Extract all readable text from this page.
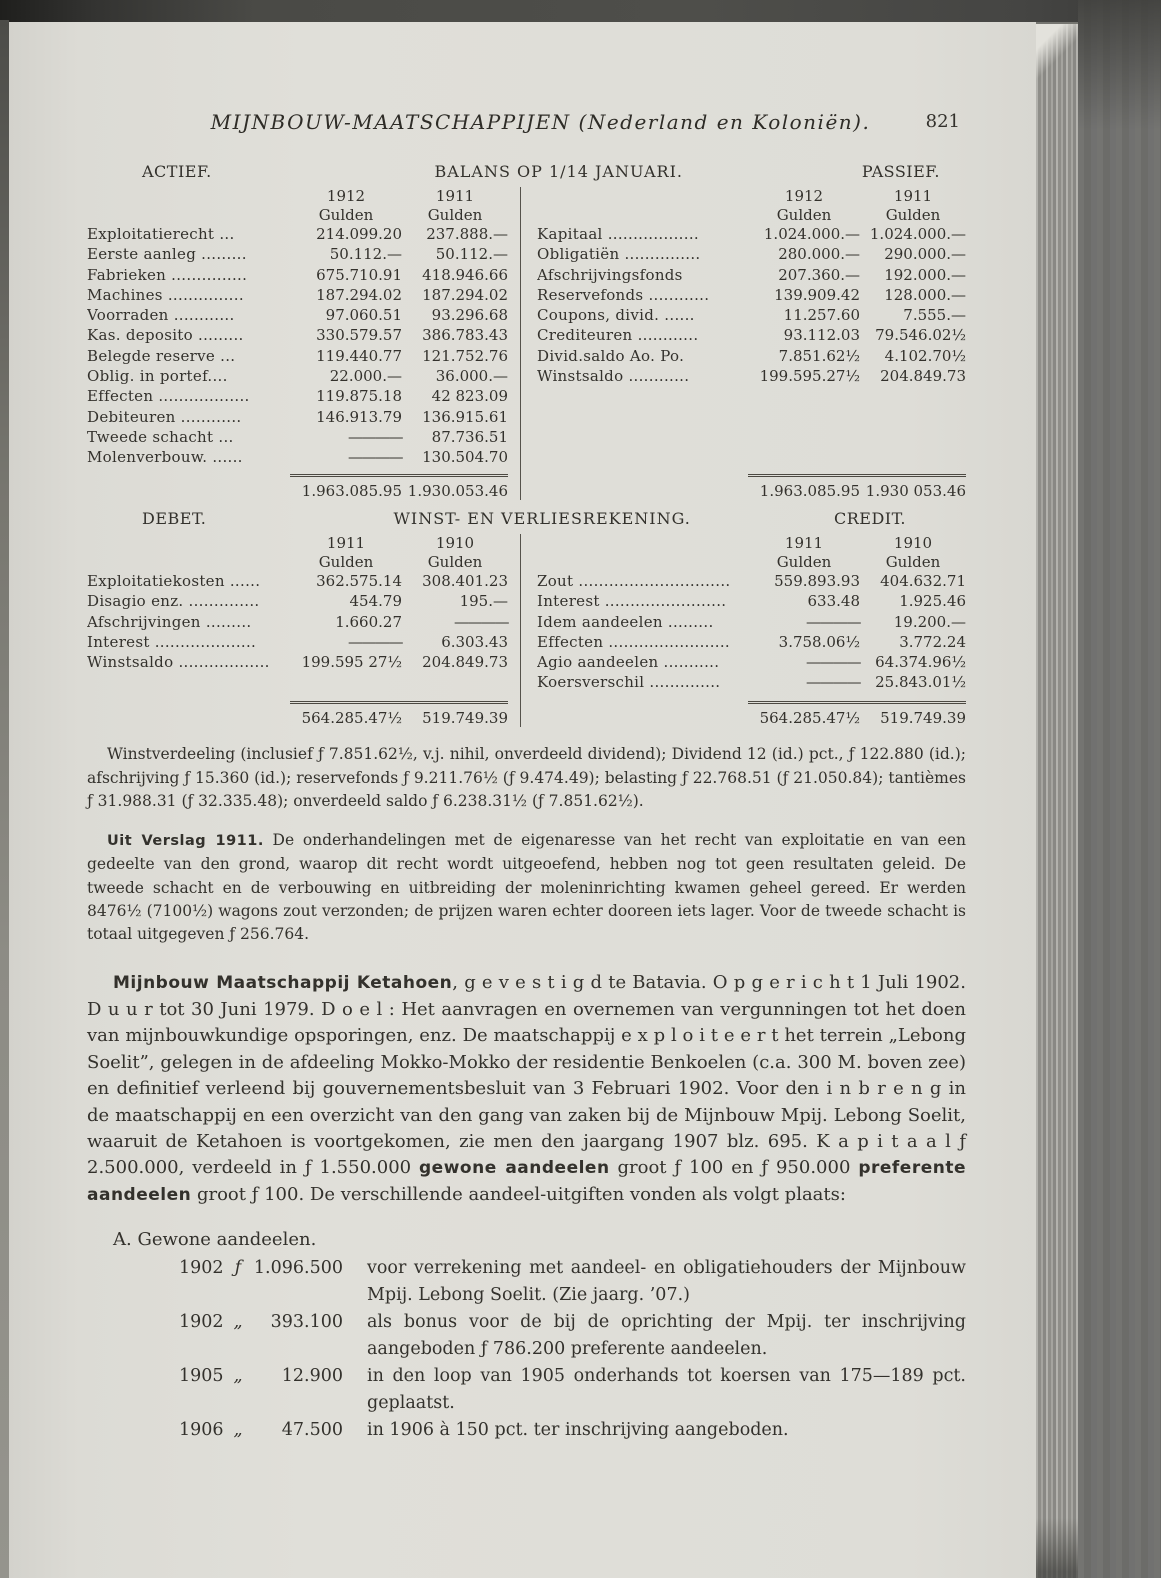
MIJNBOUW-MAATSCHAPPIJEN (Nederland en Koloniën).	821
ACTIEF.	BALANS OP 1/14 JANUARI.	PASSIEF.
1912	1911
Gulden	Gulden
Exploitatierecht ...	214.099.20	237.888.—
Eerste aanleg .........	50.112.—	50.112.—
Fabrieken ...............	675.710.91	418.946.66
Machines ...............	187.294.02	187.294.02
Voorraden ............	97.060.51	93.296.68
Kas. deposito .........	330.579.57	386.783.43
Belegde reserve ...	119.440.77	121.752.76
Oblig. in portef....	22.000.—	36.000.—
Effecten ..................	119.875.18	42 823.09
Debiteuren ............	146.913.79	136.915.61
Tweede schacht ...	————	87.736.51
Molenverbouw. ......	————	130.504.70
1.963.085.95 1.930.053.46
1912	1911
Gulden	Gulden
Kapitaal ..................	1.024.000.— 1.024.000.—
Obligatiën ...............	280.000.—	290.000.—
Afschrijvingsfonds	207.360.—	192.000.—
Reservefonds ............	139.909.42	128.000.—
Coupons, divid. ......	11.257.60	7.555.—
Crediteuren ............	93.112.03	79.546.02½
Divid.saldo Ao. Po.	7.851.62½	4.102.70½
Winstsaldo ............	199.595.27½	204.849.73
1.963.085.95 1.930 053.46
DEBET.	WINST- EN VERLIESREKENING.	CREDIT.
1911	1910
Gulden	Gulden
Exploitatiekosten ......	362.575.14	308.401.23
Disagio enz. ..............	454.79	195.—
Afschrijvingen .........	1.660.27	————
Interest ....................	————	6.303.43
Winstsaldo ..................	199.595 27½	204.849.73
564.285.47½	519.749.39
1911	1910
Gulden	Gulden
Zout ..............................	559.893.93	404.632.71
Interest ........................	633.48	1.925.46
Idem aandeelen .........	————	19.200.—
Effecten ........................	3.758.06½	3.772.24
Agio aandeelen ...........	————	64.374.96½
Koersverschil ..............	————	25.843.01½
564.285.47½	519.749.39

Winstverdeeling (inclusief ƒ 7.851.62½, v.j. nihil, onverdeeld dividend); Dividend 12 (id.) pct., ƒ 122.880 (id.); afschrijving ƒ 15.360 (id.); reservefonds ƒ 9.211.76½ (ƒ 9.474.49); belasting ƒ 22.768.51 (ƒ 21.050.84); tantièmes ƒ 31.988.31 (ƒ 32.335.48); onverdeeld saldo ƒ 6.238.31½ (ƒ 7.851.62½).

Uit Verslag 1911. De onderhandelingen met de eigenaresse van het recht van exploitatie en van een gedeelte van den grond, waarop dit recht wordt uitgeoefend, hebben nog tot geen resultaten geleid. De tweede schacht en de verbouwing en uitbreiding der moleninrichting kwamen geheel gereed. Er werden 8476½ (7100½) wagons zout verzonden; de prijzen waren echter dooreen iets lager. Voor de tweede schacht is totaal uitgegeven ƒ 256.764.

Mijnbouw Maatschappij Ketahoen, g e v e s t i g d te Batavia. O p g e r i c h t 1 Juli 1902. D u u r tot 30 Juni 1979. D o e l : Het aanvragen en overnemen van vergunningen tot het doen van mijnbouwkundige opsporingen, enz. De maatschappij e x p l o i t e e r t het terrein „Lebong Soelit”, gelegen in de afdeeling Mokko-Mokko der residentie Benkoelen (c.a. 300 M. boven zee) en definitief verleend bij gouvernementsbesluit van 3 Februari 1902. Voor den i n b r e n g in de maatschappij en een overzicht van den gang van zaken bij de Mijnbouw Mpij. Lebong Soelit, waaruit de Ketahoen is voortgekomen, zie men den jaargang 1907 blz. 695. K a p i t a a l ƒ 2.500.000, verdeeld in ƒ 1.550.000 gewone aandeelen groot ƒ 100 en ƒ 950.000 preferente aandeelen groot ƒ 100. De verschillende aandeel-uitgiften vonden als volgt plaats:

A. Gewone aandeelen.
1902 ƒ 1.096.500 voor verrekening met aandeel- en obligatiehouders der Mijnbouw Mpij. Lebong Soelit. (Zie jaarg. ’07.)
1902 „	393.100 als bonus voor de bij de oprichting der Mpij. ter inschrijving aangeboden ƒ 786.200 preferente aandeelen.
1905 „	12.900 in den loop van 1905 onderhands tot koersen van 175—189 pct. geplaatst.
1906 „	47.500 in 1906 à 150 pct. ter inschrijving aangeboden.
